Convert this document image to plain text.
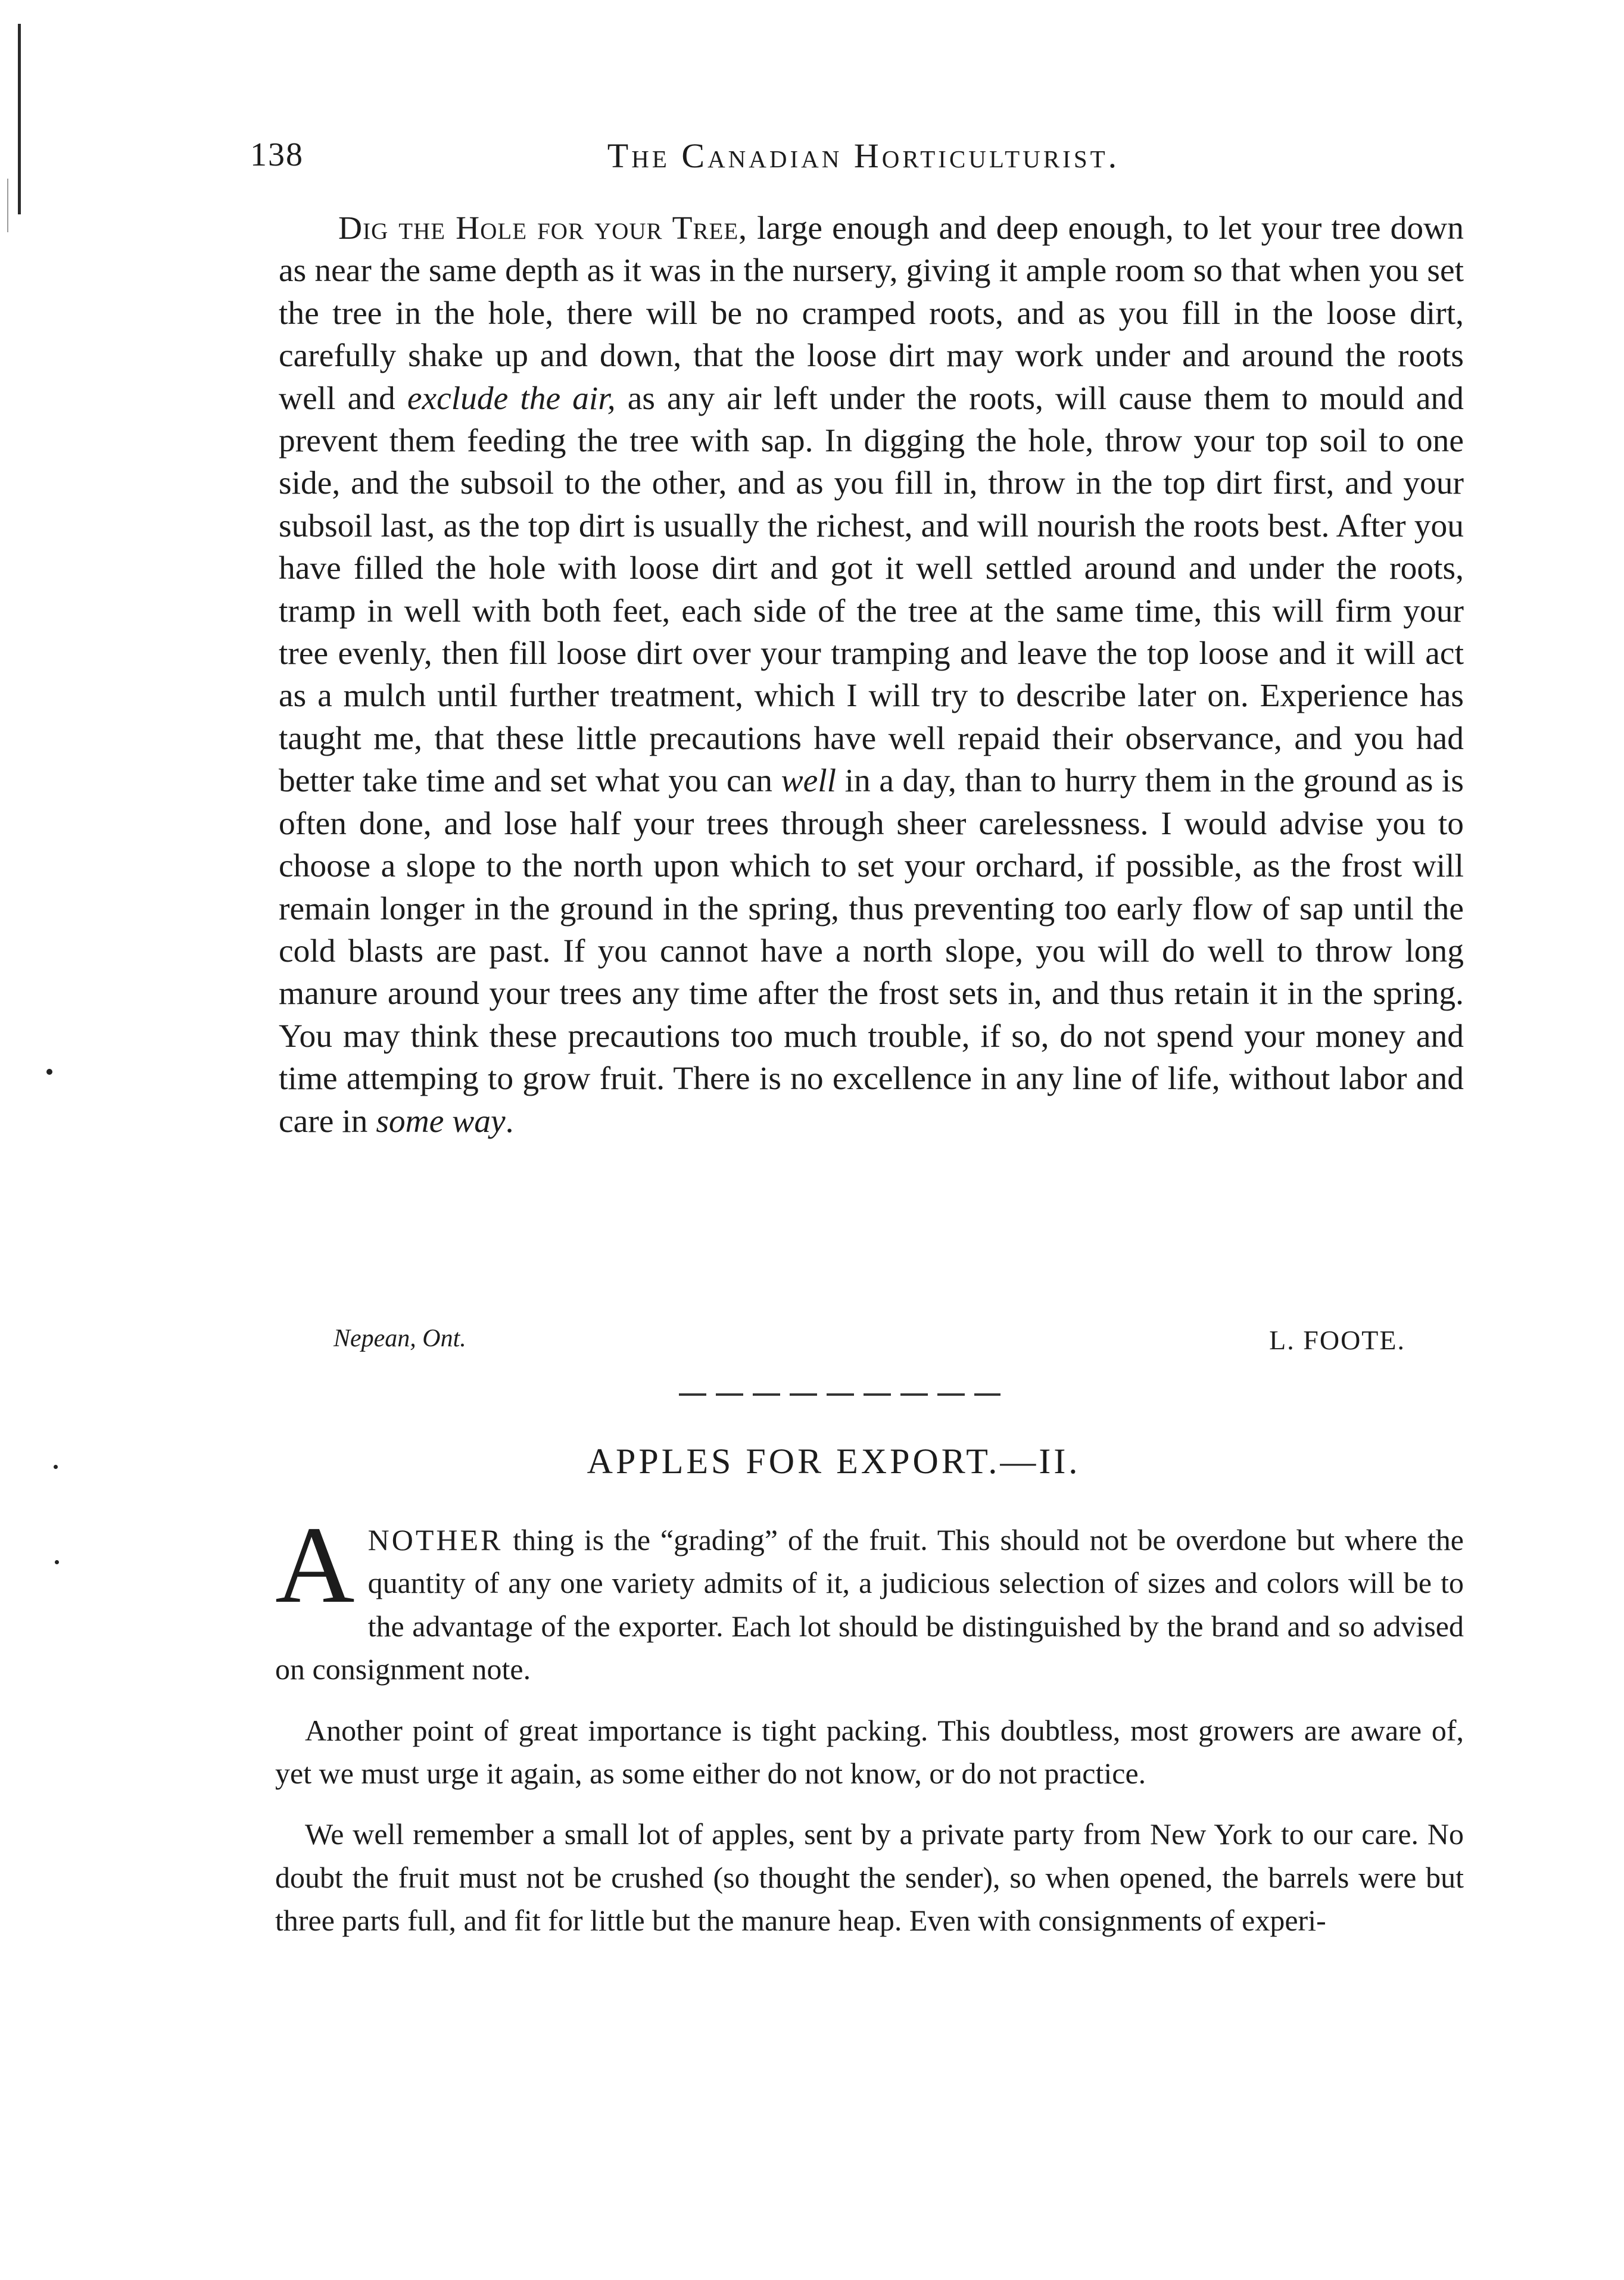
138	The Canadian Horticulturist.

Dig the Hole for your Tree, large enough and deep enough, to let your tree down as near the same depth as it was in the nursery, giving it ample room so that when you set the tree in the hole, there will be no cramped roots, and as you fill in the loose dirt, carefully shake up and down, that the loose dirt may work under and around the roots well and exclude the air, as any air left under the roots, will cause them to mould and prevent them feeding the tree with sap. In digging the hole, throw your top soil to one side, and the subsoil to the other, and as you fill in, throw in the top dirt first, and your subsoil last, as the top dirt is usually the richest, and will nourish the roots best. After you have filled the hole with loose dirt and got it well settled around and under the roots, tramp in well with both feet, each side of the tree at the same time, this will firm your tree evenly, then fill loose dirt over your tramping and leave the top loose and it will act as a mulch until further treatment, which I will try to describe later on. Experience has taught me, that these little precautions have well repaid their observance, and you had better take time and set what you can well in a day, than to hurry them in the ground as is often done, and lose half your trees through sheer carelessness. I would advise you to choose a slope to the north upon which to set your orchard, if possible, as the frost will remain longer in the ground in the spring, thus preventing too early flow of sap until the cold blasts are past. If you cannot have a north slope, you will do well to throw long manure around your trees any time after the frost sets in, and thus retain it in the spring. You may think these precautions too much trouble, if so, do not spend your money and time attemping to grow fruit. There is no excellence in any line of life, without labor and care in some way.

Nepean, Ont.	L. FOOTE.
APPLES FOR EXPORT.—II.

ANOTHER thing is the “grading” of the fruit. This should not be overdone but where the quantity of any one variety admits of it, a judicious selection of sizes and colors will be to the advantage of the exporter. Each lot should be distinguished by the brand and so advised on consignment note.

Another point of great importance is tight packing. This doubtless, most growers are aware of, yet we must urge it again, as some either do not know, or do not practice.

We well remember a small lot of apples, sent by a private party from New York to our care. No doubt the fruit must not be crushed (so thought the sender), so when opened, the barrels were but three parts full, and fit for little but the manure heap. Even with consignments of experi-
